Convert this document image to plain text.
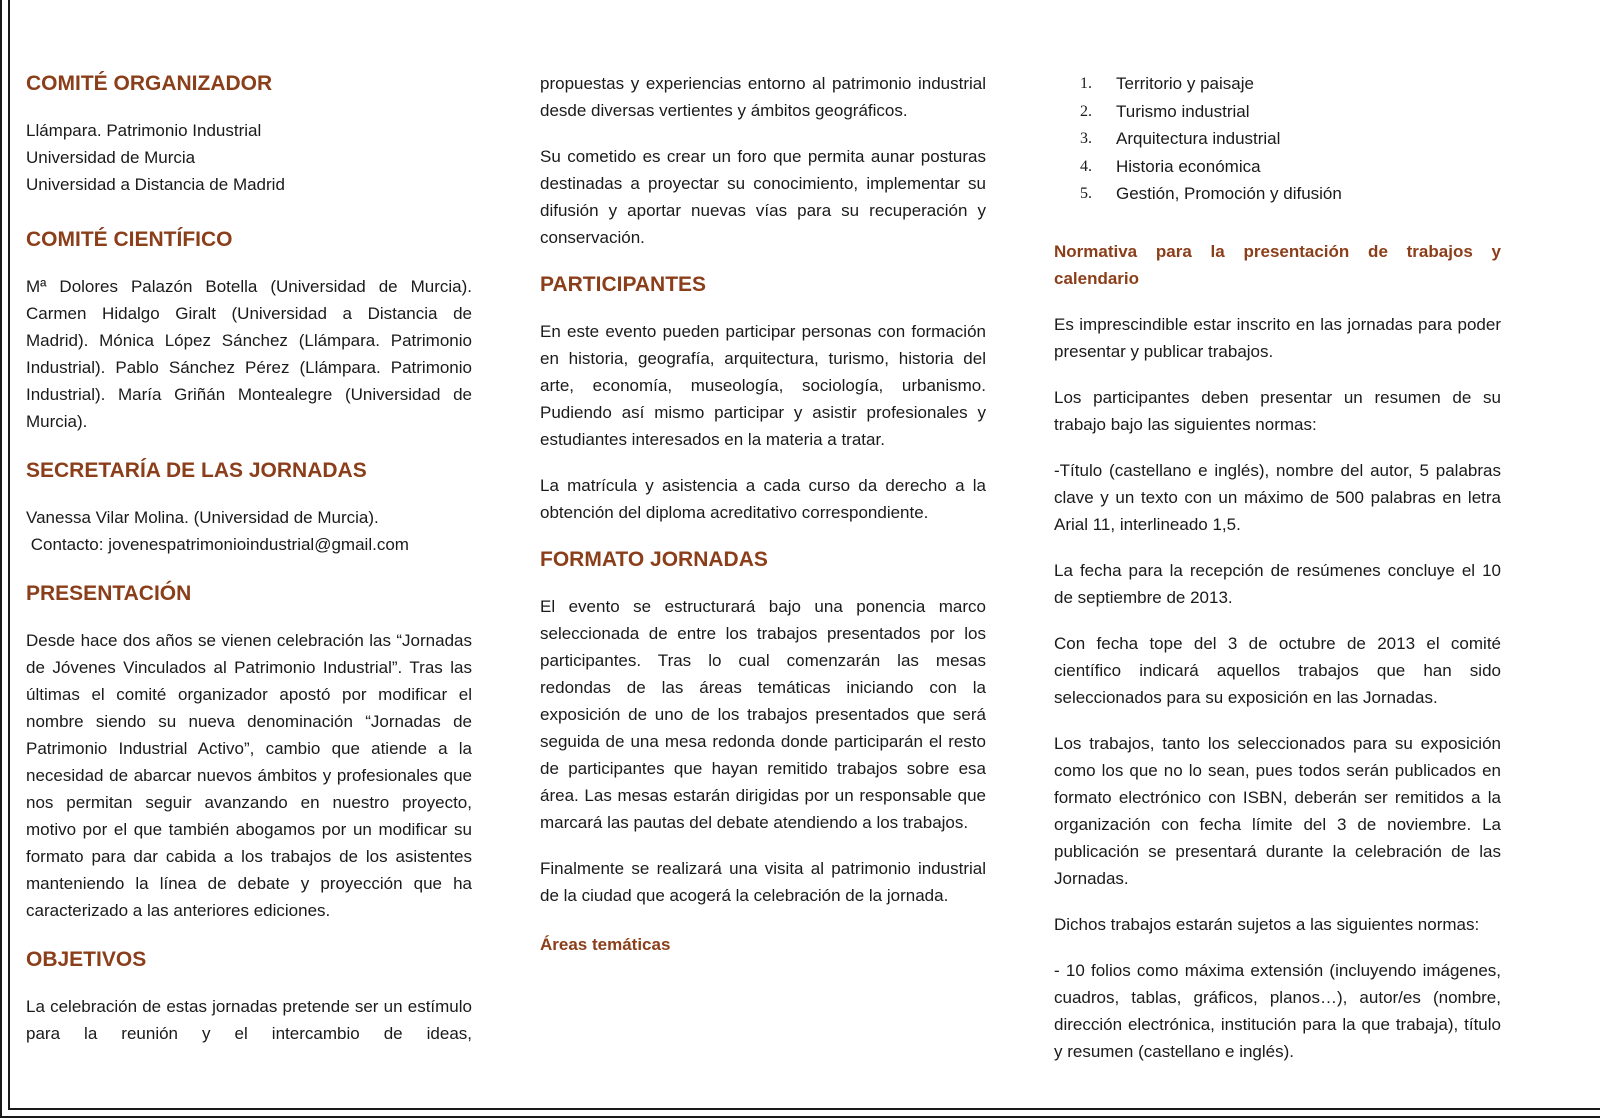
COMITÉ ORGANIZADOR

Llámpara. Patrimonio Industrial

Universidad de Murcia

Universidad a Distancia de Madrid

COMITÉ CIENTÍFICO

Mª Dolores Palazón Botella (Universidad de Murcia). Carmen Hidalgo Giralt (Universidad a Distancia de Madrid). Mónica López Sánchez (Llámpara. Patrimonio Industrial). Pablo Sánchez Pérez (Llámpara. Patrimonio Industrial). María Griñán Montealegre (Universidad de Murcia).

SECRETARÍA DE LAS JORNADAS

Vanessa Vilar Molina. (Universidad de Murcia).

Contacto: jovenespatrimonioindustrial@gmail.com

PRESENTACIÓN

Desde hace dos años se vienen celebración las “Jornadas de Jóvenes Vinculados al Patrimonio Industrial”. Tras las últimas el comité organizador apostó por modificar el nombre siendo su nueva denominación “Jornadas de Patrimonio Industrial Activo”, cambio que atiende a la necesidad de abarcar nuevos ámbitos y profesionales que nos permitan seguir avanzando en nuestro proyecto, motivo por el que también abogamos por un modificar su formato para dar cabida a los trabajos de los asistentes manteniendo la línea de debate y proyección que ha caracterizado a las anteriores ediciones.

OBJETIVOS

La celebración de estas jornadas pretende ser un estímulo para la reunión y el intercambio de ideas,

propuestas y experiencias entorno al patrimonio industrial desde diversas vertientes y ámbitos geográficos.

Su cometido es crear un foro que permita aunar posturas destinadas a proyectar su conocimiento, implementar su difusión y aportar nuevas vías para su recuperación y conservación.

PARTICIPANTES

En este evento pueden participar personas con formación en historia, geografía, arquitectura, turismo, historia del arte, economía, museología, sociología, urbanismo. Pudiendo así mismo participar y asistir profesionales y estudiantes interesados en la materia a tratar.

La matrícula y asistencia a cada curso da derecho a la obtención del diploma acreditativo correspondiente.

FORMATO JORNADAS

El evento se estructurará bajo una ponencia marco seleccionada de entre los trabajos presentados por los participantes. Tras lo cual comenzarán las mesas redondas de las áreas temáticas iniciando con la exposición de uno de los trabajos presentados que será seguida de una mesa redonda donde participarán el resto de participantes que hayan remitido trabajos sobre esa área. Las mesas estarán dirigidas por un responsable que marcará las pautas del debate atendiendo a los trabajos.

Finalmente se realizará una visita al patrimonio industrial de la ciudad que acogerá la celebración de la jornada.

Áreas temáticas
1.	Territorio y paisaje
2.	Turismo industrial
3.	Arquitectura industrial
4.	Historia económica
5.	Gestión, Promoción y difusión
Normativa para la presentación de trabajos y calendario

Es imprescindible estar inscrito en las jornadas para poder presentar y publicar trabajos.

Los participantes deben presentar un resumen de su trabajo bajo las siguientes normas:

-Título (castellano e inglés), nombre del autor, 5 palabras clave y un texto con un máximo de 500 palabras en letra Arial 11, interlineado 1,5.

La fecha para la recepción de resúmenes concluye el 10 de septiembre de 2013.

Con fecha tope del 3 de octubre de 2013 el comité científico indicará aquellos trabajos que han sido seleccionados para su exposición en las Jornadas.

Los trabajos, tanto los seleccionados para su exposición como los que no lo sean, pues todos serán publicados en formato electrónico con ISBN, deberán ser remitidos a la organización con fecha límite del 3 de noviembre. La publicación se presentará durante la celebración de las Jornadas.

Dichos trabajos estarán sujetos a las siguientes normas:

- 10 folios como máxima extensión (incluyendo imágenes, cuadros, tablas, gráficos, planos…), autor/es (nombre, dirección electrónica, institución para la que trabaja), título y resumen (castellano e inglés).
